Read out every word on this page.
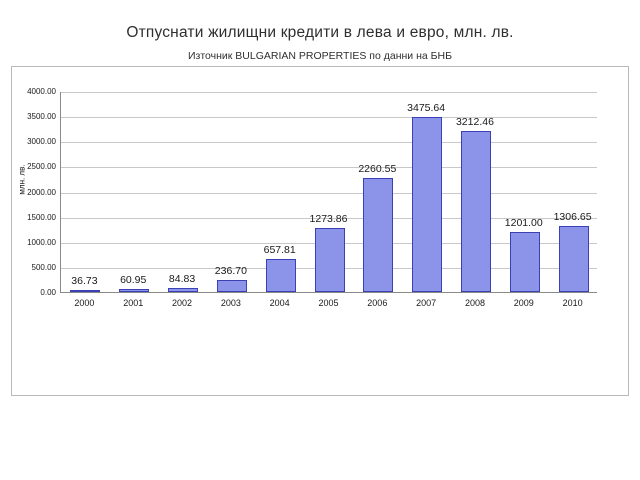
Отпуснати жилищни кредити в лева и евро, млн. лв.
Източник BULGARIAN PROPERTIES по данни на БНБ
млн. лв.
4000.00
3500.00
3000.00
2500.00
2000.00
1500.00
1000.00
500.00
0.00
36.73
2000
60.95
2001
84.83
2002
236.70
2003
657.81
2004
1273.86
2005
2260.55
2006
3475.64
2007
3212.46
2008
1201.00
2009
1306.65
2010
